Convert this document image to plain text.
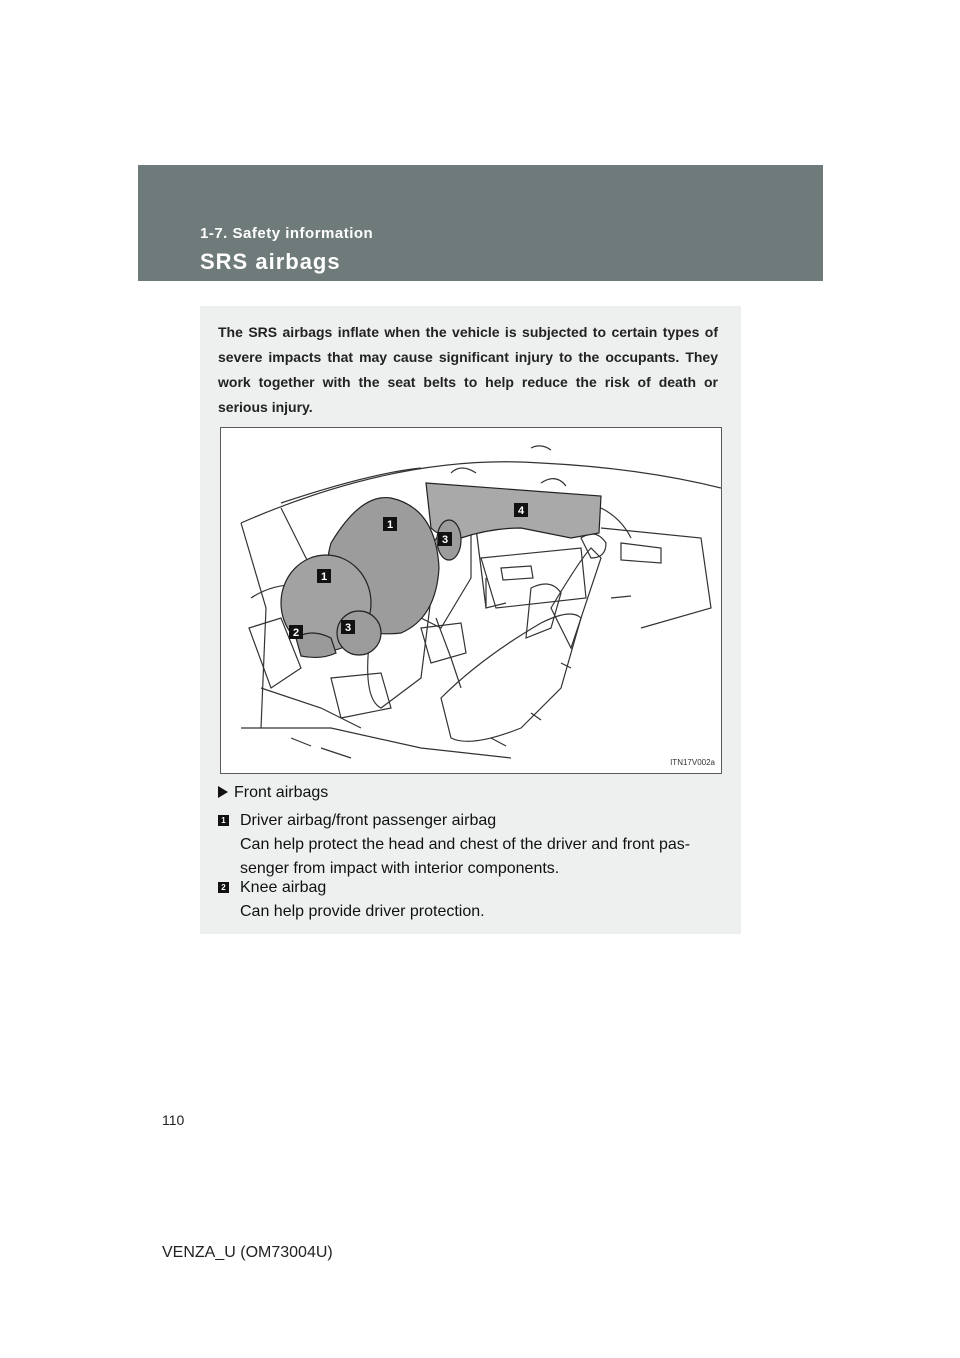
1-7. Safety information
SRS airbags
The SRS airbags inflate when the vehicle is subjected to certain types of severe impacts that may cause significant injury to the occupants. They work together with the seat belts to help reduce the risk of death or serious injury.
1
1
2	3
3
4
ITN17V002a
Front airbags
1 Driver airbag/front passenger airbag
Can help protect the head and chest of the driver and front pas-
senger from impact with interior components.
2 Knee airbag
Can help provide driver protection.
110
VENZA_U (OM73004U)
